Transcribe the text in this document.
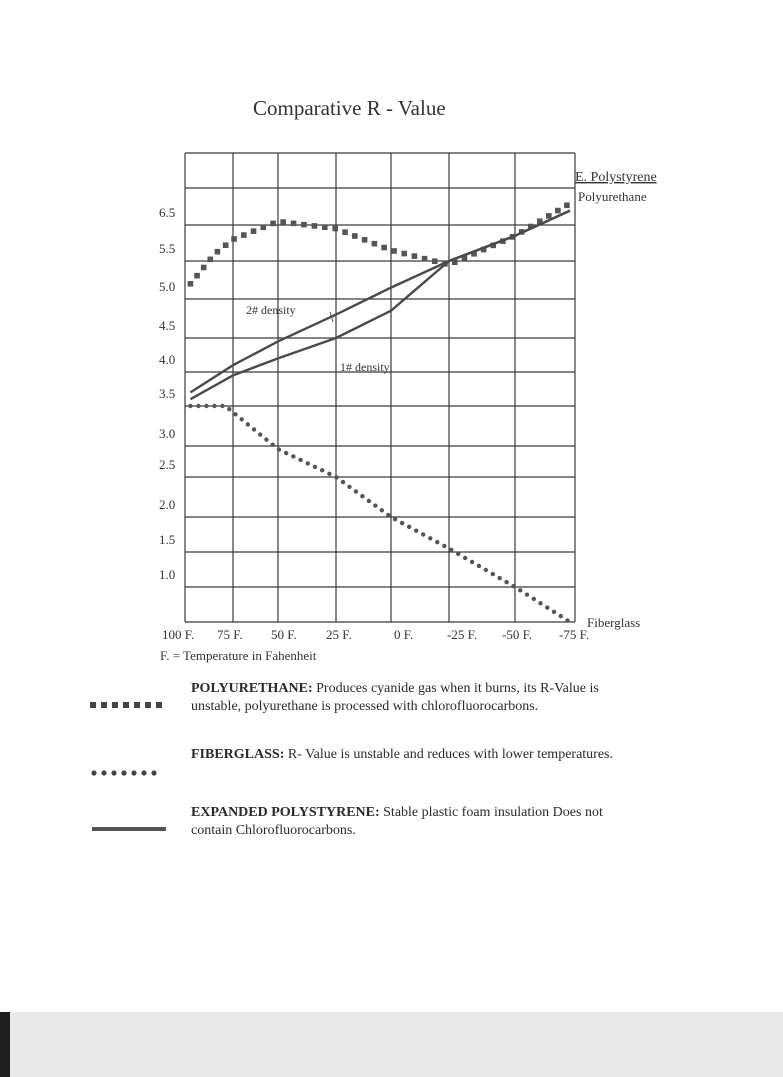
Comparative R - Value
1.0
1.5
2.0
2.5
3.0
3.5
4.0
4.5
5.0
5.5
6.5
100 F. 75 F. 50 F. 25 F.	0 F.	-25 F. -50 F. -75 F.
E. Polystyrene
Polyurethane
Fiberglass
2# density
1# density
F. = Temperature in Fahenheit
POLYURETHANE: Produces cyanide gas when it burns, its R-Value is unstable, polyurethane is processed with chlorofluorocarbons.
FIBERGLASS: R- Value is unstable and reduces with lower temperatures.
EXPANDED POLYSTYRENE: Stable plastic foam insulation Does not contain Chlorofluorocarbons.
